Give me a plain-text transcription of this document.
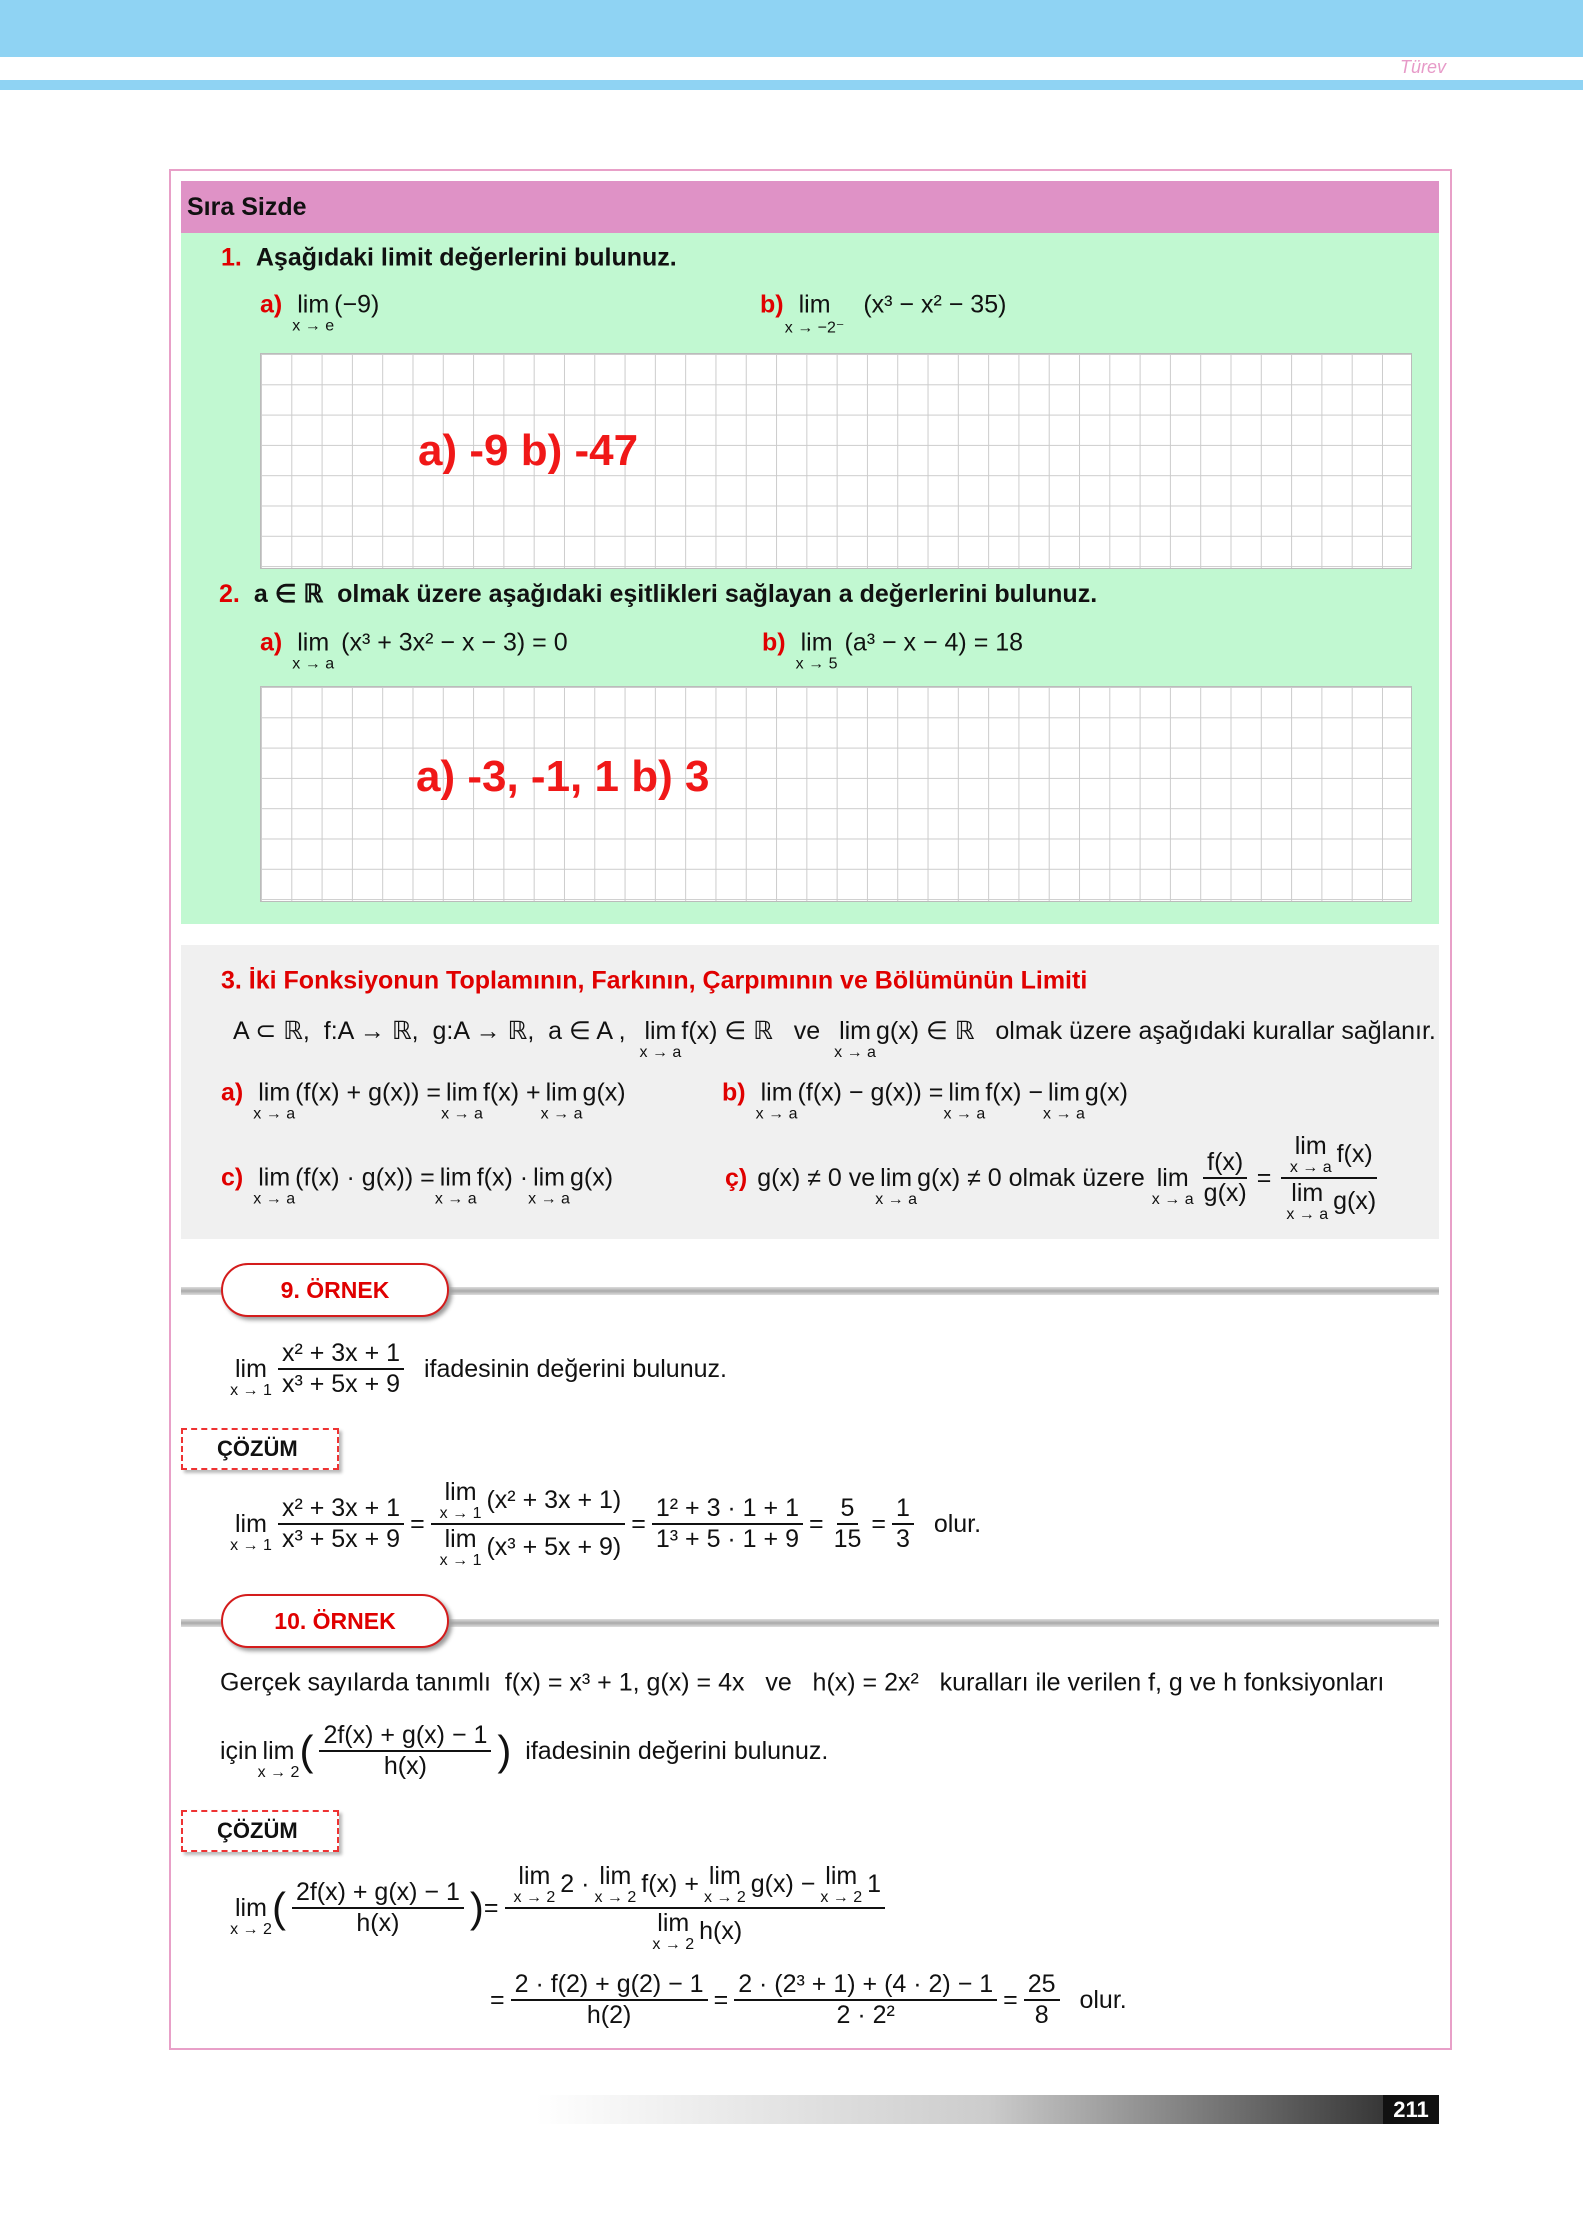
Türev
Sıra Sizde
1. Aşağıdaki limit değerlerini bulunuz.
a) lim
x → e
(−9)	b) lim
x → −2⁻
(x³ − x² − 35)
a) -9 b) -47
2. a ∈ ℝ  olmak üzere aşağıdaki eşitlikleri sağlayan a değerlerini bulunuz.
a) lim
x → a
(x³ + 3x² − x − 3) = 0	b) lim
x → 5
(a³ − x − 4) = 18
a) -3, -1, 1 b) 3
3. İki Fonksiyonun Toplamının, Farkının, Çarpımının ve Bölümünün Limiti
A ⊂ ℝ,  f:A → ℝ,  g:A → ℝ,  a ∈ A , lim
x → a
f(x) ∈ ℝ   ve lim
x → a
g(x) ∈ ℝ   olmak üzere aşağıdaki kurallar sağlanır.
a) lim
x → a
(f(x) + g(x)) = lim
x → a
f(x) + lim
x → a
g(x)	b) lim
x → a
(f(x) − g(x)) = lim
x → a
f(x) − lim
x → a
g(x)
c) lim
x → a
(f(x) · g(x)) = lim
x → a
f(x) · lim
x → a
g(x)	ç) g(x) ≠ 0 ve lim
x → a
g(x) ≠ 0 olmak üzere lim
x → a $\frac{f(x)}{g(x)} = \lim$
x → a f(x)
lim
x → a g(x)
9. ÖRNEK
lim
$x \to 1 \frac{\text{x² + 3x + 1}}{\text{x³ + 5x + 9}}$ ifadesinin değerini bulunuz.
ÇÖZÜM
lim
$x \to 1 \frac{\text{x² + 3x + 1}}{\text{x³ + 5x + 9}} = \lim$
x → 1 (x² + 3x + 1)
lim
x → 1 $(x^3 + 5x + 9) = \frac{\text{1² + 3 · 1 + 1}}{\text{1³ + 5 · 1 + 9}} = \frac{5}{15} = \frac{1}{3}$ olur.
10. ÖRNEK
Gerçek sayılarda tanımlı  f(x) = x³ + 1, g(x) = 4x   ve   h(x) = 2x²   kuralları ile verilen f, g ve h fonksiyonları
için lim
x → 2 ( $\frac{2f(x) + g(x) - 1}{h(x)}$ ) ifadesinin değerini bulunuz.
ÇÖZÜM
lim
x → 2 ( $\frac{2f(x) + g(x) - 1}{h(x)}$ ) = lim
x → 2 2 · lim
x → 2 f(x) + lim
x → 2 g(x) − lim
x → 2 1
lim
x → 2 h(x)
= $\frac{2 \cdot f(2) + g(2) - 1}{h(2)} = \frac{\text{2 · (2³ + 1) + (4 · 2) − 1}}{\text{2 · 2²}} = \frac{25}{8}$ olur.
211
